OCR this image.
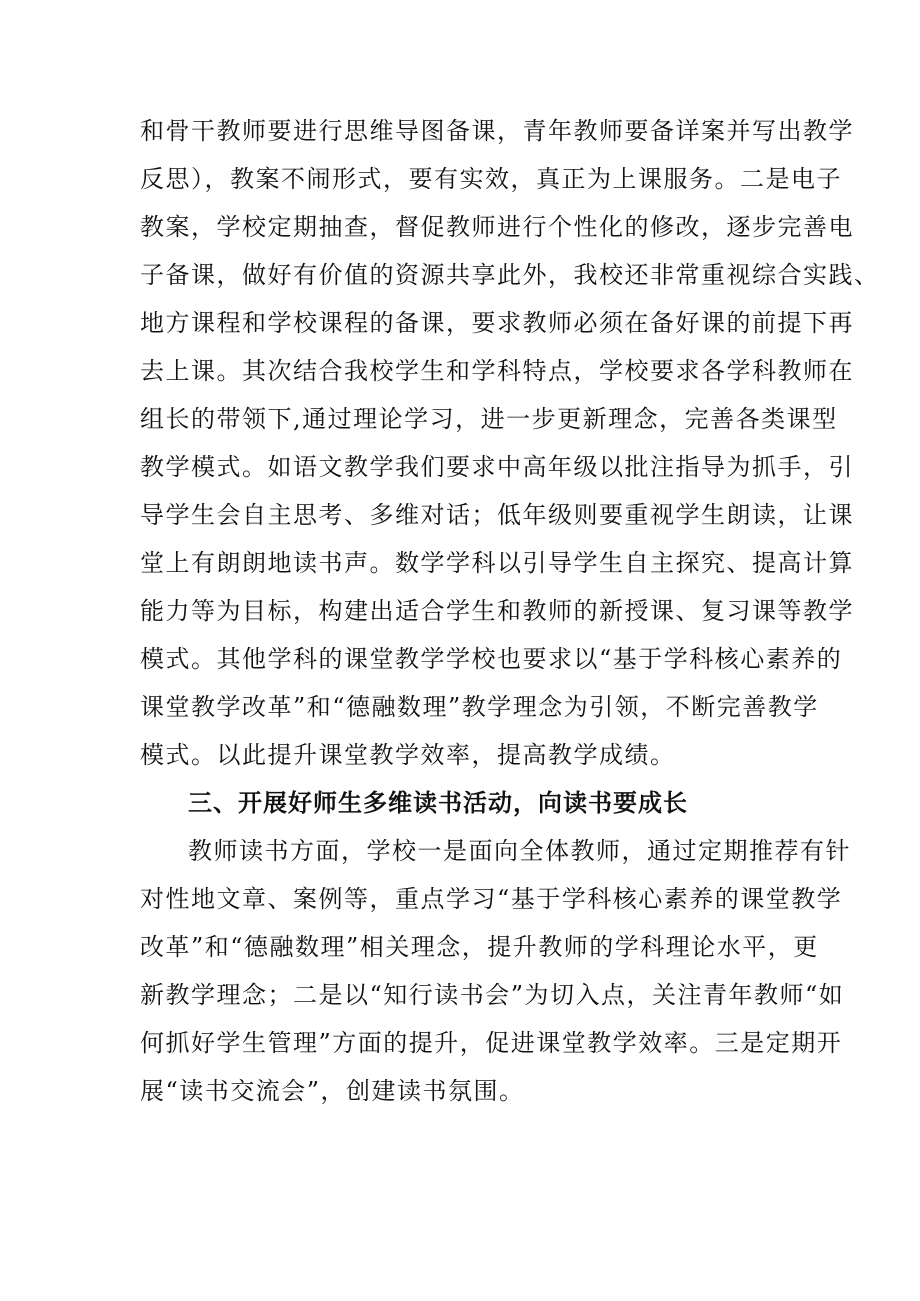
和骨干教师要进行思维导图备课，青年教师要备详案并写出教学
反思），教案不闹形式，要有实效，真正为上课服务。二是电子
教案，学校定期抽查，督促教师进行个性化的修改，逐步完善电
子备课，做好有价值的资源共享此外，我校还非常重视综合实践、
地方课程和学校课程的备课，要求教师必须在备好课的前提下再
去上课。其次结合我校学生和学科特点，学校要求各学科教师在
组长的带领下,通过理论学习，进一步更新理念，完善各类课型
教学模式。如语文教学我们要求中高年级以批注指导为抓手，引
导学生会自主思考、多维对话；低年级则要重视学生朗读，让课
堂上有朗朗地读书声。数学学科以引导学生自主探究、提高计算
能力等为目标，构建出适合学生和教师的新授课、复习课等教学
模式。其他学科的课堂教学学校也要求以“基于学科核心素养的
课堂教学改革”和“德融数理”教学理念为引领，不断完善教学
模式。以此提升课堂教学效率，提高教学成绩。
三、开展好师生多维读书活动，向读书要成长
教师读书方面，学校一是面向全体教师，通过定期推荐有针
对性地文章、案例等，重点学习“基于学科核心素养的课堂教学
改革”和“德融数理”相关理念，提升教师的学科理论水平，更
新教学理念；二是以“知行读书会”为切入点，关注青年教师“如
何抓好学生管理”方面的提升，促进课堂教学效率。三是定期开
展“读书交流会”，创建读书氛围。
